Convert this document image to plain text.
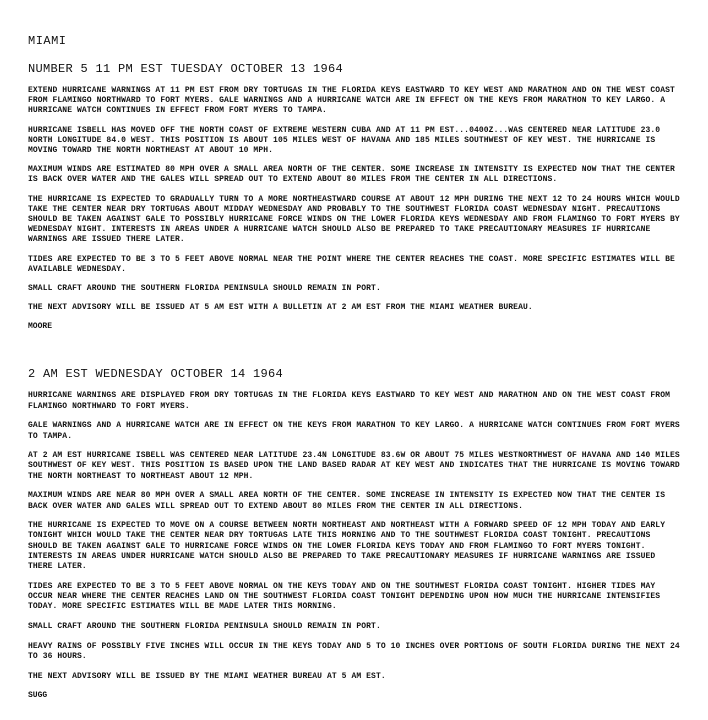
MIAMI
NUMBER 5 11 PM EST TUESDAY OCTOBER 13 1964

EXTEND HURRICANE WARNINGS AT 11 PM EST FROM DRY TORTUGAS IN THE FLORIDA KEYS EASTWARD TO KEY WEST AND MARATHON AND ON THE WEST COAST FROM FLAMINGO NORTHWARD TO FORT MYERS. GALE WARNINGS AND A HURRICANE WATCH ARE IN EFFECT ON THE KEYS FROM MARATHON TO KEY LARGO. A HURRICANE WATCH CONTINUES IN EFFECT FROM FORT MYERS TO TAMPA.

HURRICANE ISBELL HAS MOVED OFF THE NORTH COAST OF EXTREME WESTERN CUBA AND AT 11 PM EST...0400Z...WAS CENTERED NEAR LATITUDE 23.0 NORTH LONGITUDE 84.0 WEST. THIS POSITION IS ABOUT 105 MILES WEST OF HAVANA AND 185 MILES SOUTHWEST OF KEY WEST. THE HURRICANE IS MOVING TOWARD THE NORTH NORTHEAST AT ABOUT 10 MPH.

MAXIMUM WINDS ARE ESTIMATED 80 MPH OVER A SMALL AREA NORTH OF THE CENTER. SOME INCREASE IN INTENSITY IS EXPECTED NOW THAT THE CENTER IS BACK OVER WATER AND THE GALES WILL SPREAD OUT TO EXTEND ABOUT 80 MILES FROM THE CENTER IN ALL DIRECTIONS.

THE HURRICANE IS EXPECTED TO GRADUALLY TURN TO A MORE NORTHEASTWARD COURSE AT ABOUT 12 MPH DURING THE NEXT 12 TO 24 HOURS WHICH WOULD TAKE THE CENTER NEAR DRY TORTUGAS ABOUT MIDDAY WEDNESDAY AND PROBABLY TO THE SOUTHWEST FLORIDA COAST WEDNESDAY NIGHT. PRECAUTIONS SHOULD BE TAKEN AGAINST GALE TO POSSIBLY HURRICANE FORCE WINDS ON THE LOWER FLORIDA KEYS WEDNESDAY AND FROM FLAMINGO TO FORT MYERS BY WEDNESDAY NIGHT. INTERESTS IN AREAS UNDER A HURRICANE WATCH SHOULD ALSO BE PREPARED TO TAKE PRECAUTIONARY MEASURES IF HURRICANE WARNINGS ARE ISSUED THERE LATER.

TIDES ARE EXPECTED TO BE 3 TO 5 FEET ABOVE NORMAL NEAR THE POINT WHERE THE CENTER REACHES THE COAST. MORE SPECIFIC ESTIMATES WILL BE AVAILABLE WEDNESDAY.

SMALL CRAFT AROUND THE SOUTHERN FLORIDA PENINSULA SHOULD REMAIN IN PORT.

THE NEXT ADVISORY WILL BE ISSUED AT 5 AM EST WITH A BULLETIN AT 2 AM EST FROM THE MIAMI WEATHER BUREAU.

MOORE
2 AM EST WEDNESDAY OCTOBER 14 1964

HURRICANE WARNINGS ARE DISPLAYED FROM DRY TORTUGAS IN THE FLORIDA KEYS EASTWARD TO KEY WEST AND MARATHON AND ON THE WEST COAST FROM FLAMINGO NORTHWARD TO FORT MYERS.

GALE WARNINGS AND A HURRICANE WATCH ARE IN EFFECT ON THE KEYS FROM MARATHON TO KEY LARGO. A HURRICANE WATCH CONTINUES FROM FORT MYERS TO TAMPA.

AT 2 AM EST HURRICANE ISBELL WAS CENTERED NEAR LATITUDE 23.4N LONGITUDE 83.6W OR ABOUT 75 MILES WESTNORTHWEST OF HAVANA AND 140 MILES SOUTHWEST OF KEY WEST. THIS POSITION IS BASED UPON THE LAND BASED RADAR AT KEY WEST AND INDICATES THAT THE HURRICANE IS MOVING TOWARD THE NORTH NORTHEAST TO NORTHEAST ABOUT 12 MPH.

MAXIMUM WINDS ARE NEAR 80 MPH OVER A SMALL AREA NORTH OF THE CENTER. SOME INCREASE IN INTENSITY IS EXPECTED NOW THAT THE CENTER IS BACK OVER WATER AND GALES WILL SPREAD OUT TO EXTEND ABOUT 80 MILES FROM THE CENTER IN ALL DIRECTIONS.

THE HURRICANE IS EXPECTED TO MOVE ON A COURSE BETWEEN NORTH NORTHEAST AND NORTHEAST WITH A FORWARD SPEED OF 12 MPH TODAY AND EARLY TONIGHT WHICH WOULD TAKE THE CENTER NEAR DRY TORTUGAS LATE THIS MORNING AND TO THE SOUTHWEST FLORIDA COAST TONIGHT. PRECAUTIONS SHOULD BE TAKEN AGAINST GALE TO HURRICANE FORCE WINDS ON THE LOWER FLORIDA KEYS TODAY AND FROM FLAMINGO TO FORT MYERS TONIGHT. INTERESTS IN AREAS UNDER HURRICANE WATCH SHOULD ALSO BE PREPARED TO TAKE PRECAUTIONARY MEASURES IF HURRICANE WARNINGS ARE ISSUED THERE LATER.

TIDES ARE EXPECTED TO BE 3 TO 5 FEET ABOVE NORMAL ON THE KEYS TODAY AND ON THE SOUTHWEST FLORIDA COAST TONIGHT. HIGHER TIDES MAY OCCUR NEAR WHERE THE CENTER REACHES LAND ON THE SOUTHWEST FLORIDA COAST TONIGHT DEPENDING UPON HOW MUCH THE HURRICANE INTENSIFIES TODAY. MORE SPECIFIC ESTIMATES WILL BE MADE LATER THIS MORNING.

SMALL CRAFT AROUND THE SOUTHERN FLORIDA PENINSULA SHOULD REMAIN IN PORT.

HEAVY RAINS OF POSSIBLY FIVE INCHES WILL OCCUR IN THE KEYS TODAY AND 5 TO 10 INCHES OVER PORTIONS OF SOUTH FLORIDA DURING THE NEXT 24 TO 36 HOURS.

THE NEXT ADVISORY WILL BE ISSUED BY THE MIAMI WEATHER BUREAU AT 5 AM EST.

SUGG
